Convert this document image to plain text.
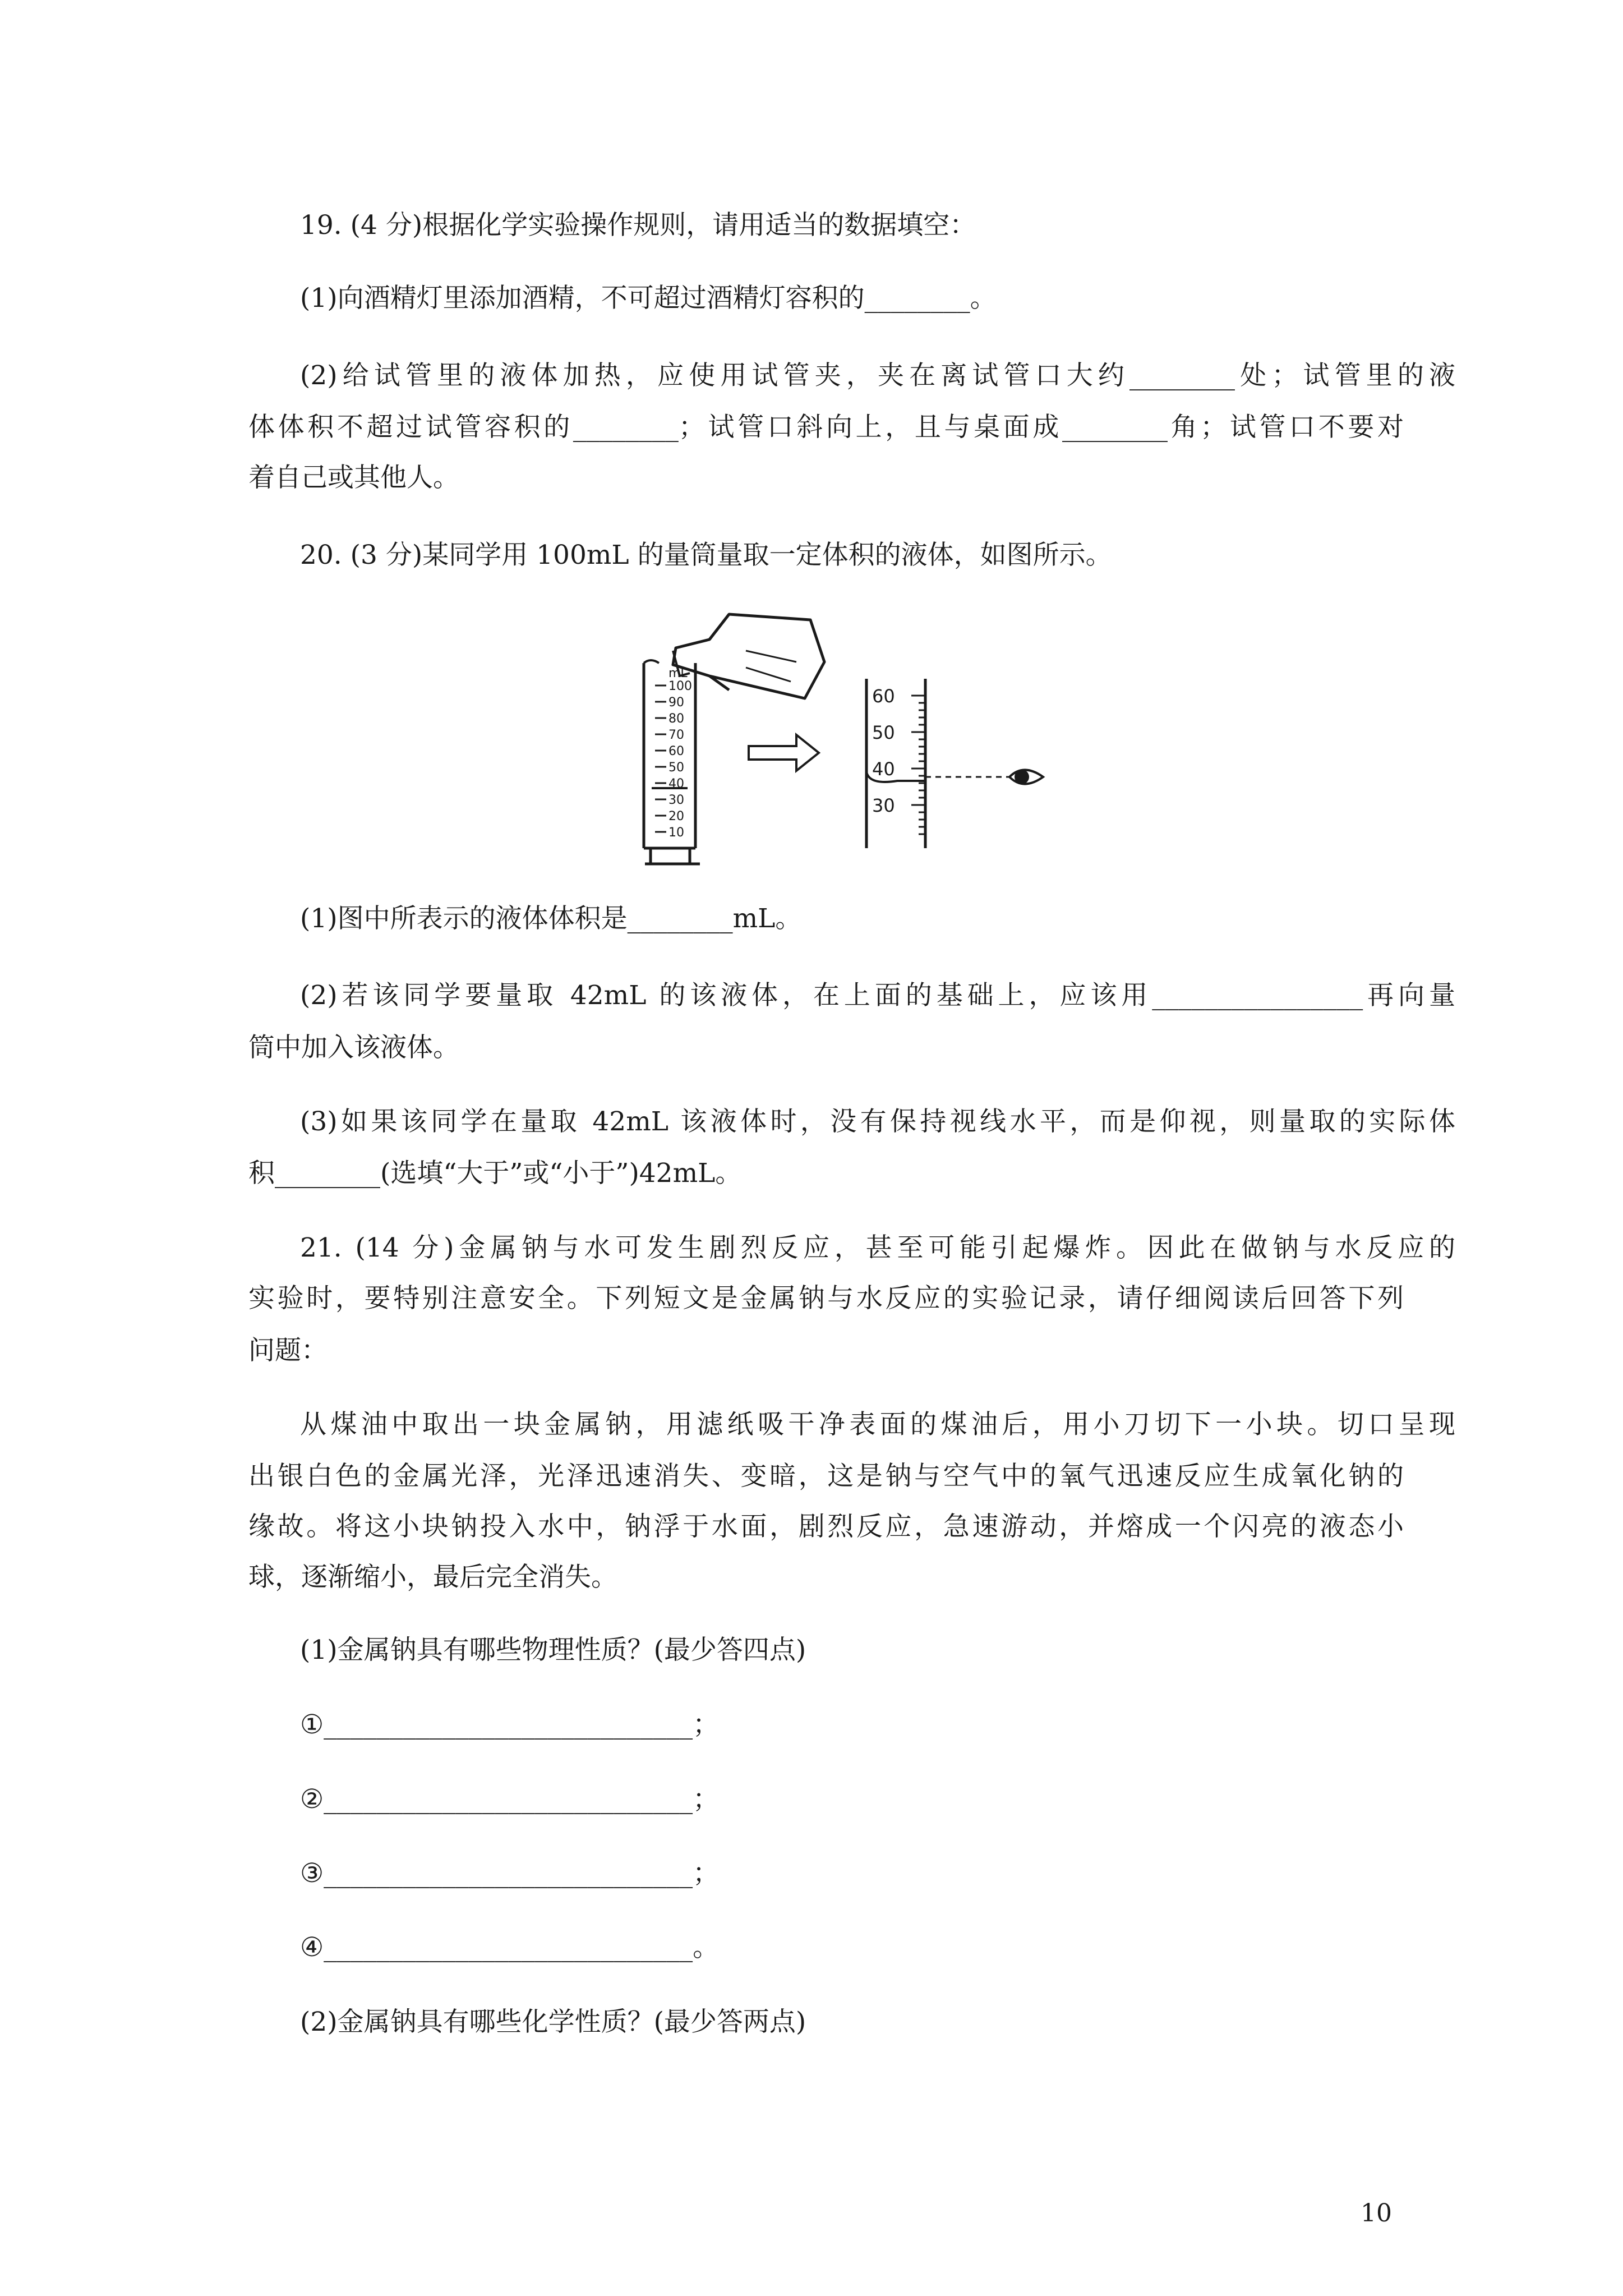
19. (4 分)根据化学实验操作规则，请用适当的数据填空：
(1)向酒精灯里添加酒精，不可超过酒精灯容积的________。
(2)给试管里的液体加热，应使用试管夹，夹在离试管口大约________处；试管里的液
体体积不超过试管容积的________；试管口斜向上，且与桌面成________角；试管口不要对
着自己或其他人。
20. (3 分)某同学用 100mL 的量筒量取一定体积的液体，如图所示。
mL
100
90
80
70
60
50
40
30
20
10
60
50
40
30
(1)图中所表示的液体体积是________mL。
(2)若该同学要量取 42mL 的该液体，在上面的基础上，应该用________________再向量
筒中加入该液体。
(3)如果该同学在量取 42mL 该液体时，没有保持视线水平，而是仰视，则量取的实际体
积________(选填“大于”或“小于”)42mL。
21. (14 分)金属钠与水可发生剧烈反应，甚至可能引起爆炸。因此在做钠与水反应的
实验时，要特别注意安全。下列短文是金属钠与水反应的实验记录，请仔细阅读后回答下列
问题：
从煤油中取出一块金属钠，用滤纸吸干净表面的煤油后，用小刀切下一小块。切口呈现
出银白色的金属光泽，光泽迅速消失、变暗，这是钠与空气中的氧气迅速反应生成氧化钠的
缘故。将这小块钠投入水中，钠浮于水面，剧烈反应，急速游动，并熔成一个闪亮的液态小
球，逐渐缩小，最后完全消失。
(1)金属钠具有哪些物理性质？(最少答四点)
①____________________________；
②____________________________；
③____________________________；
④____________________________。
(2)金属钠具有哪些化学性质？(最少答两点)
10
